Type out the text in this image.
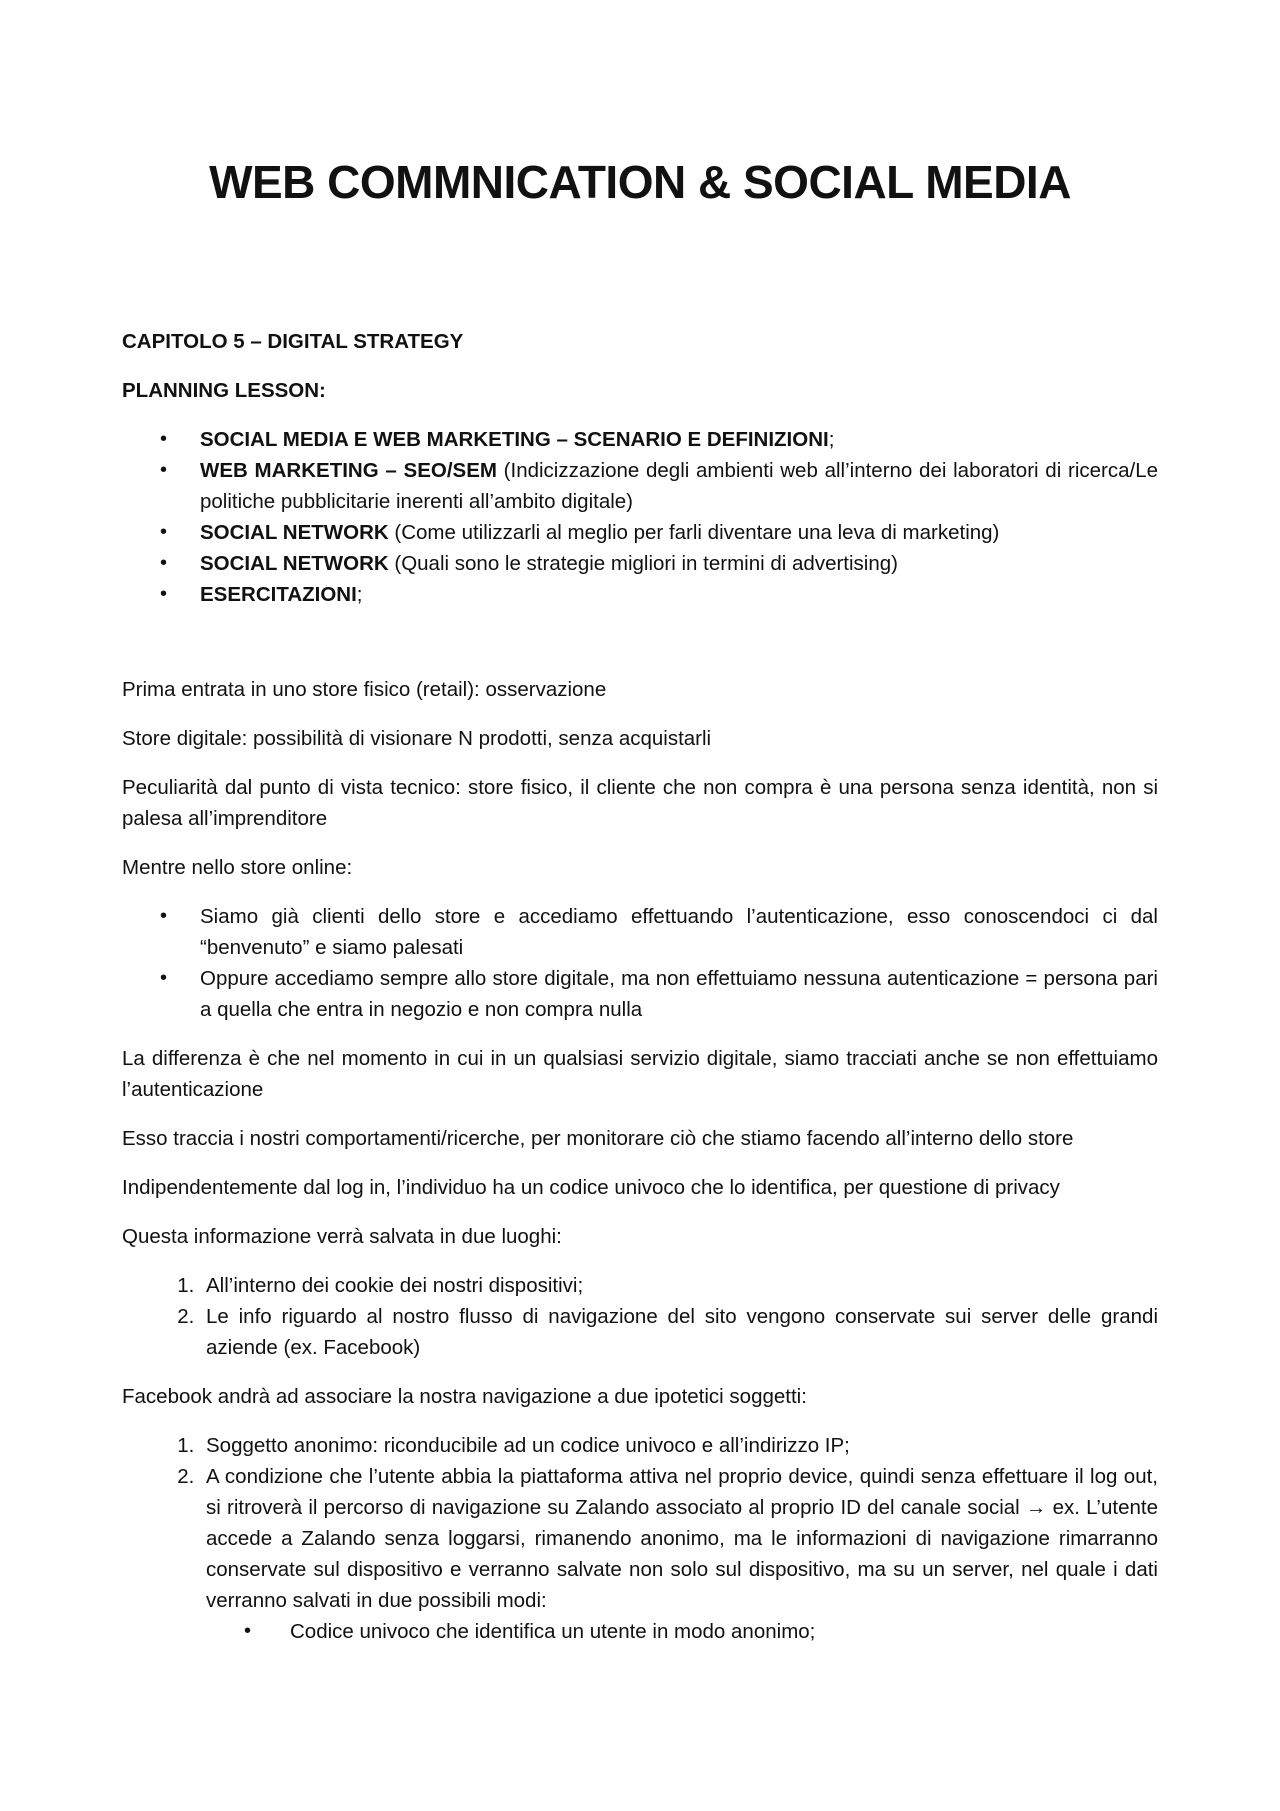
WEB COMMNICATION & SOCIAL MEDIA

CAPITOLO 5 – DIGITAL STRATEGY

PLANNING LESSON:

• SOCIAL MEDIA E WEB MARKETING – SCENARIO E DEFINIZIONI;
• WEB MARKETING – SEO/SEM (Indicizzazione degli ambienti web all’interno dei laboratori di ricerca/Le politiche pubblicitarie inerenti all’ambito digitale)
• SOCIAL NETWORK (Come utilizzarli al meglio per farli diventare una leva di marketing)
• SOCIAL NETWORK (Quali sono le strategie migliori in termini di advertising)
• ESERCITAZIONI;

Prima entrata in uno store fisico (retail): osservazione

Store digitale: possibilità di visionare N prodotti, senza acquistarli

Peculiarità dal punto di vista tecnico: store fisico, il cliente che non compra è una persona senza identità, non si palesa all’imprenditore

Mentre nello store online:

• Siamo già clienti dello store e accediamo effettuando l’autenticazione, esso conoscendoci ci dal “benvenuto” e siamo palesati
• Oppure accediamo sempre allo store digitale, ma non effettuiamo nessuna autenticazione = persona pari a quella che entra in negozio e non compra nulla

La differenza è che nel momento in cui in un qualsiasi servizio digitale, siamo tracciati anche se non effettuiamo l’autenticazione

Esso traccia i nostri comportamenti/ricerche, per monitorare ciò che stiamo facendo all’interno dello store

Indipendentemente dal log in, l’individuo ha un codice univoco che lo identifica, per questione di privacy

Questa informazione verrà salvata in due luoghi:

1. All’interno dei cookie dei nostri dispositivi;
2. Le info riguardo al nostro flusso di navigazione del sito vengono conservate sui server delle grandi aziende (ex. Facebook)

Facebook andrà ad associare la nostra navigazione a due ipotetici soggetti:

1. Soggetto anonimo: riconducibile ad un codice univoco e all’indirizzo IP;
2. A condizione che l’utente abbia la piattaforma attiva nel proprio device, quindi senza effettuare il log out, si ritroverà il percorso di navigazione su Zalando associato al proprio ID del canale social → ex. L’utente accede a Zalando senza loggarsi, rimanendo anonimo, ma le informazioni di navigazione rimarranno conservate sul dispositivo e verranno salvate non solo sul dispositivo, ma su un server, nel quale i dati verranno salvati in due possibili modi:
• Codice univoco che identifica un utente in modo anonimo;
